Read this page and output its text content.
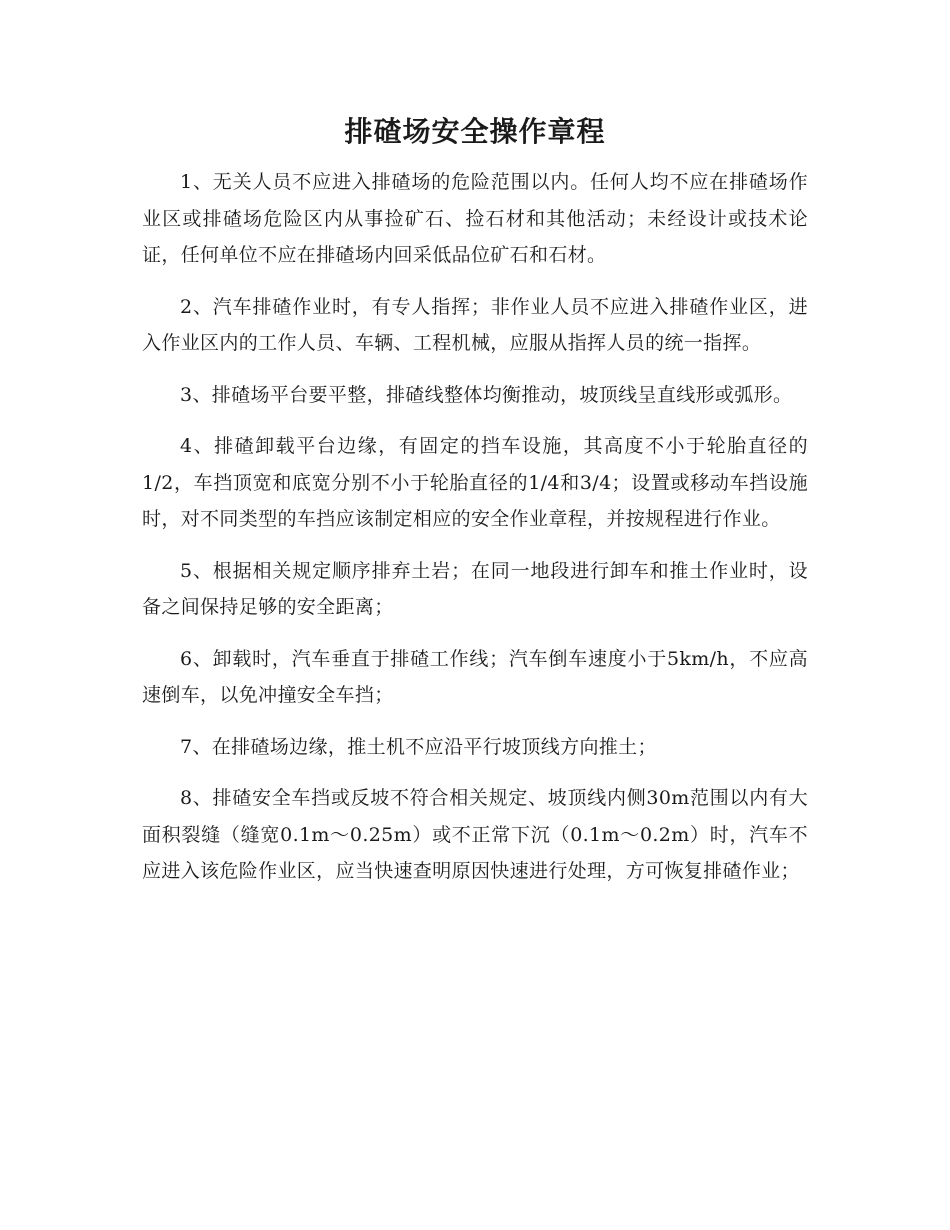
排碴场安全操作章程

1、无关人员不应进入排碴场的危险范围以内。任何人均不应在排碴场作业区或排碴场危险区内从事捡矿石、捡石材和其他活动；未经设计或技术论证，任何单位不应在排碴场内回采低品位矿石和石材。

2、汽车排碴作业时，有专人指挥；非作业人员不应进入排碴作业区，进入作业区内的工作人员、车辆、工程机械，应服从指挥人员的统一指挥。

3、排碴场平台要平整，排碴线整体均衡推动，坡顶线呈直线形或弧形。

4、排碴卸载平台边缘，有固定的挡车设施，其高度不小于轮胎直径的1/2，车挡顶宽和底宽分别不小于轮胎直径的1/4和3/4；设置或移动车挡设施时，对不同类型的车挡应该制定相应的安全作业章程，并按规程进行作业。

5、根据相关规定顺序排弃土岩；在同一地段进行卸车和推土作业时，设备之间保持足够的安全距离；

6、卸载时，汽车垂直于排碴工作线；汽车倒车速度小于5km/h，不应高速倒车，以免冲撞安全车挡；

7、在排碴场边缘，推土机不应沿平行坡顶线方向推土；

8、排碴安全车挡或反坡不符合相关规定、坡顶线内侧30m范围以内有大面积裂缝（缝宽0.1m～0.25m）或不正常下沉（0.1m～0.2m）时，汽车不应进入该危险作业区，应当快速查明原因快速进行处理，方可恢复排碴作业；
